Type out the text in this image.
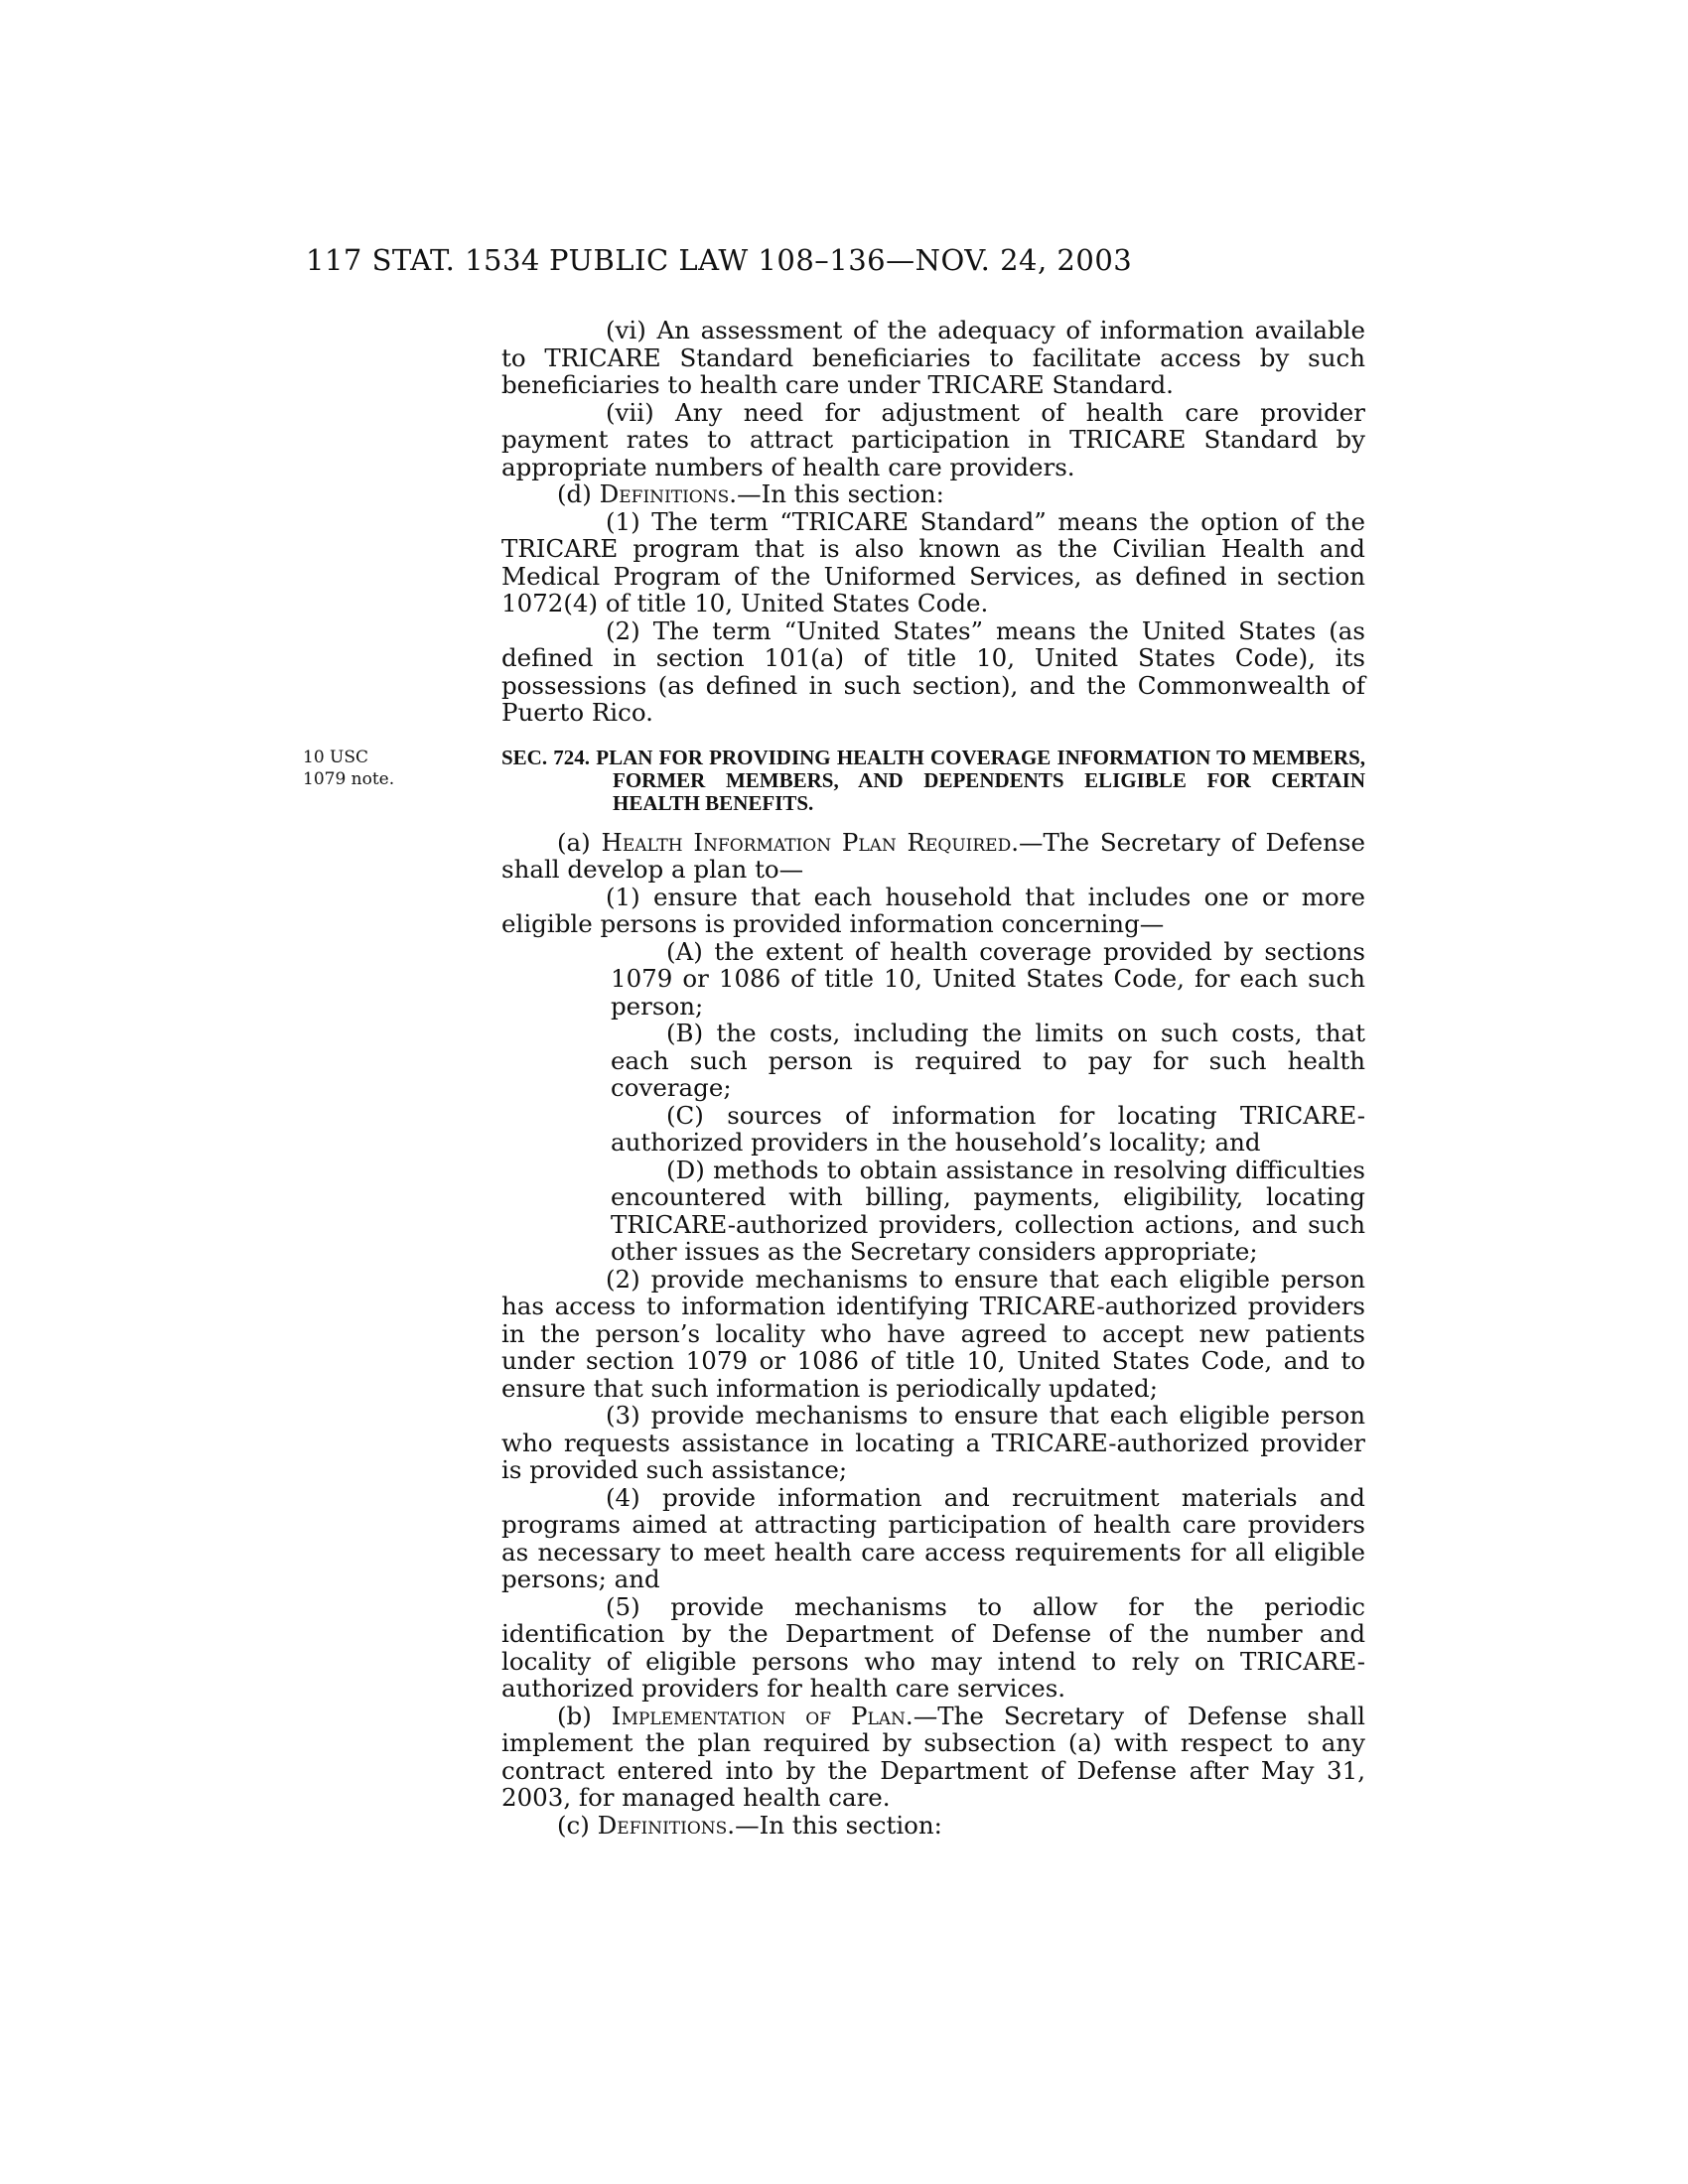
117 STAT. 1534 PUBLIC LAW 108–136—NOV. 24, 2003
10 USC 1079 note.

(vi) An assessment of the adequacy of information available to TRICARE Standard beneficiaries to facilitate access by such beneficiaries to health care under TRICARE Standard.

(vii) Any need for adjustment of health care provider payment rates to attract participation in TRICARE Standard by appropriate numbers of health care providers.

(d) Definitions.—In this section:

(1) The term “TRICARE Standard” means the option of the TRICARE program that is also known as the Civilian Health and Medical Program of the Uniformed Services, as defined in section 1072(4) of title 10, United States Code.

(2) The term “United States” means the United States (as defined in section 101(a) of title 10, United States Code), its possessions (as defined in such section), and the Commonwealth of Puerto Rico.

SEC. 724. PLAN FOR PROVIDING HEALTH COVERAGE INFORMATION TO MEMBERS, FORMER MEMBERS, AND DEPENDENTS ELIGIBLE FOR CERTAIN HEALTH BENEFITS.

(a) Health Information Plan Required.—The Secretary of Defense shall develop a plan to—

(1) ensure that each household that includes one or more eligible persons is provided information concerning—

(A) the extent of health coverage provided by sections 1079 or 1086 of title 10, United States Code, for each such person;

(B) the costs, including the limits on such costs, that each such person is required to pay for such health coverage;

(C) sources of information for locating TRICARE-authorized providers in the household’s locality; and

(D) methods to obtain assistance in resolving difficulties encountered with billing, payments, eligibility, locating TRICARE-authorized providers, collection actions, and such other issues as the Secretary considers appropriate;

(2) provide mechanisms to ensure that each eligible person has access to information identifying TRICARE-authorized providers in the person’s locality who have agreed to accept new patients under section 1079 or 1086 of title 10, United States Code, and to ensure that such information is periodically updated;

(3) provide mechanisms to ensure that each eligible person who requests assistance in locating a TRICARE-authorized provider is provided such assistance;

(4) provide information and recruitment materials and programs aimed at attracting participation of health care providers as necessary to meet health care access requirements for all eligible persons; and

(5) provide mechanisms to allow for the periodic identification by the Department of Defense of the number and locality of eligible persons who may intend to rely on TRICARE-authorized providers for health care services.

(b) Implementation of Plan.—The Secretary of Defense shall implement the plan required by subsection (a) with respect to any contract entered into by the Department of Defense after May 31, 2003, for managed health care.

(c) Definitions.—In this section:
